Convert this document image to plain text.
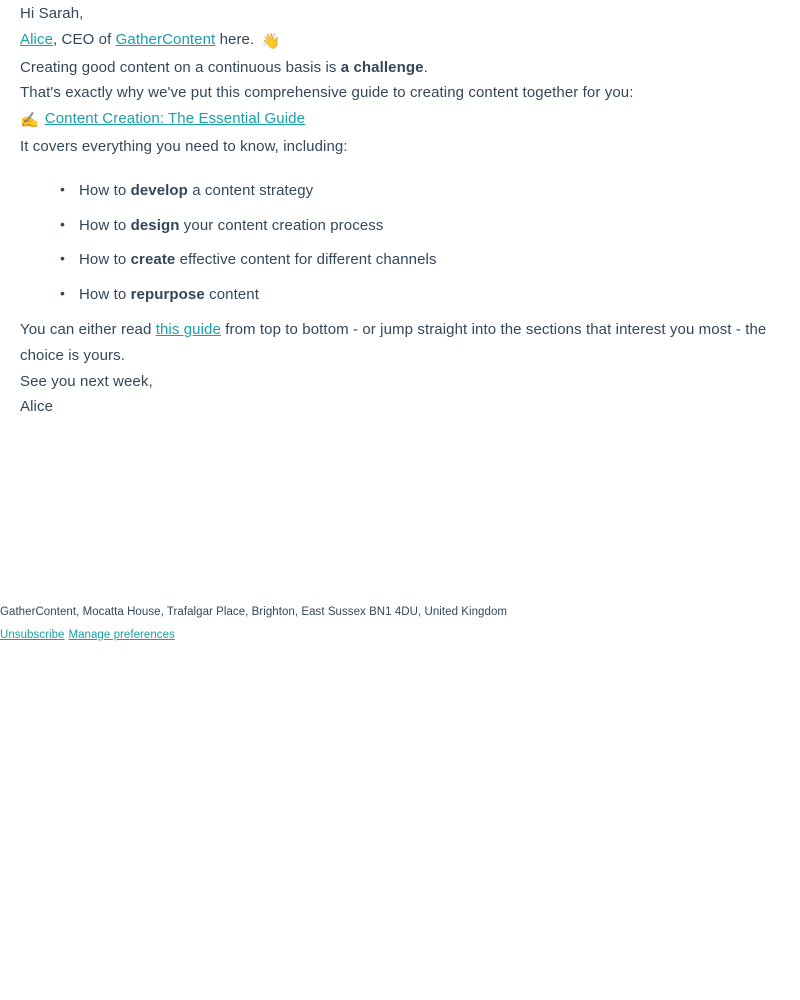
Hi Sarah,

Alice, CEO of GatherContent here. 👋

Creating good content on a continuous basis is a challenge.

That's exactly why we've put this comprehensive guide to creating content together for you:

✍️ Content Creation: The Essential Guide

It covers everything you need to know, including:

• How to develop a content strategy
• How to design your content creation process
• How to create effective content for different channels
• How to repurpose content

You can either read this guide from top to bottom - or jump straight into the sections that interest you most - the choice is yours.

See you next week,

Alice

GatherContent, Mocatta House, Trafalgar Place, Brighton, East Sussex BN1 4DU, United Kingdom

Unsubscribe Manage preferences
